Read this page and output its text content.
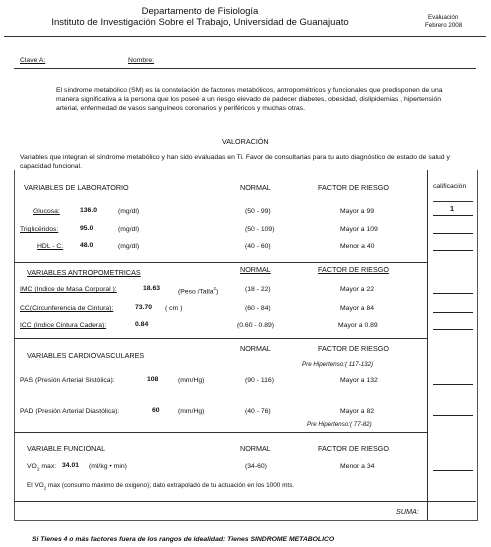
Departamento de Fisiología
Instituto de Investigación Sobre el Trabajo, Universidad de Guanajuato	Evaluación
Febrero 2008
Clave A:	Nombre:
El síndrome metabólico (SM) es la constelación de factores metabólicos, antropométricos y funcionales que predisponen de una manera significativa a la persona que los poseé a un riesgo elevado de padecer diabetes, obesidad, dislipidemias , hipertensión arterial, enfermedad de vasos sanguíneos coronarios y periféricos y muchas otras.
VALORACIÓN
Variables que integran el síndrome metabólico y han sido evaluadas en Ti. Favor de consultarlas para tu auto diagnóstico de estado de salud y capacidad funcional.
VARIABLES DE LABORATORIO	NORMAL	FACTOR DE RIESGO	calificación
Glucosa:	136.0	(mg/dl)	(50 - 99)	Mayor a 99	1
Triglicéridos:	95.0	(mg/dl)	(50 - 109)	Mayor a 109
HDL - C: 48.0	(mg/dl)	(40 - 60)	Menor a 40
VARIABLES ANTROPOMETRICAS	NORMAL	FACTOR DE RIESGO
IMC (Indice de Masa Corporal ):	18.63	(Peso /Talla$^2$)	(18 - 22)	Mayor a 22
CC(Circunferencia de Cintura):	73.70 ( cm )	(60 - 84)	Mayor a 84
ICC (Indice Cintura Cadera):	0.84	(0.60 - 0.89)	Mayor a 0.89
VARIABLES CARDIOVASCULARES
NORMAL	FACTOR DE RIESGO
Pre Hipertenso:( 117-132)
PAS (Presión Arterial Sistólica):	108	(mm/Hg)	(90 - 116)	Mayor a 132
PAD (Presión Arterial Diastólica):	60	(mm/Hg)	(40 - 76)	Mayor a 82
Pre Hipertenso:( 77-82)
VARIABLE FUNCIONAL	NORMAL	FACTOR DE RIESGO
$VO_2$ max: 34.01 (ml/kg • min)	(34-60)	Menor a 34
El $VO_2$ max (consumo máximo de oxigeno); dato extrapolado de tu actuación en los 1000 mts.
SUMA:
Si Tienes 4 o más factores fuera de los rangos de idealidad: Tienes SINDROME METABOLICO
